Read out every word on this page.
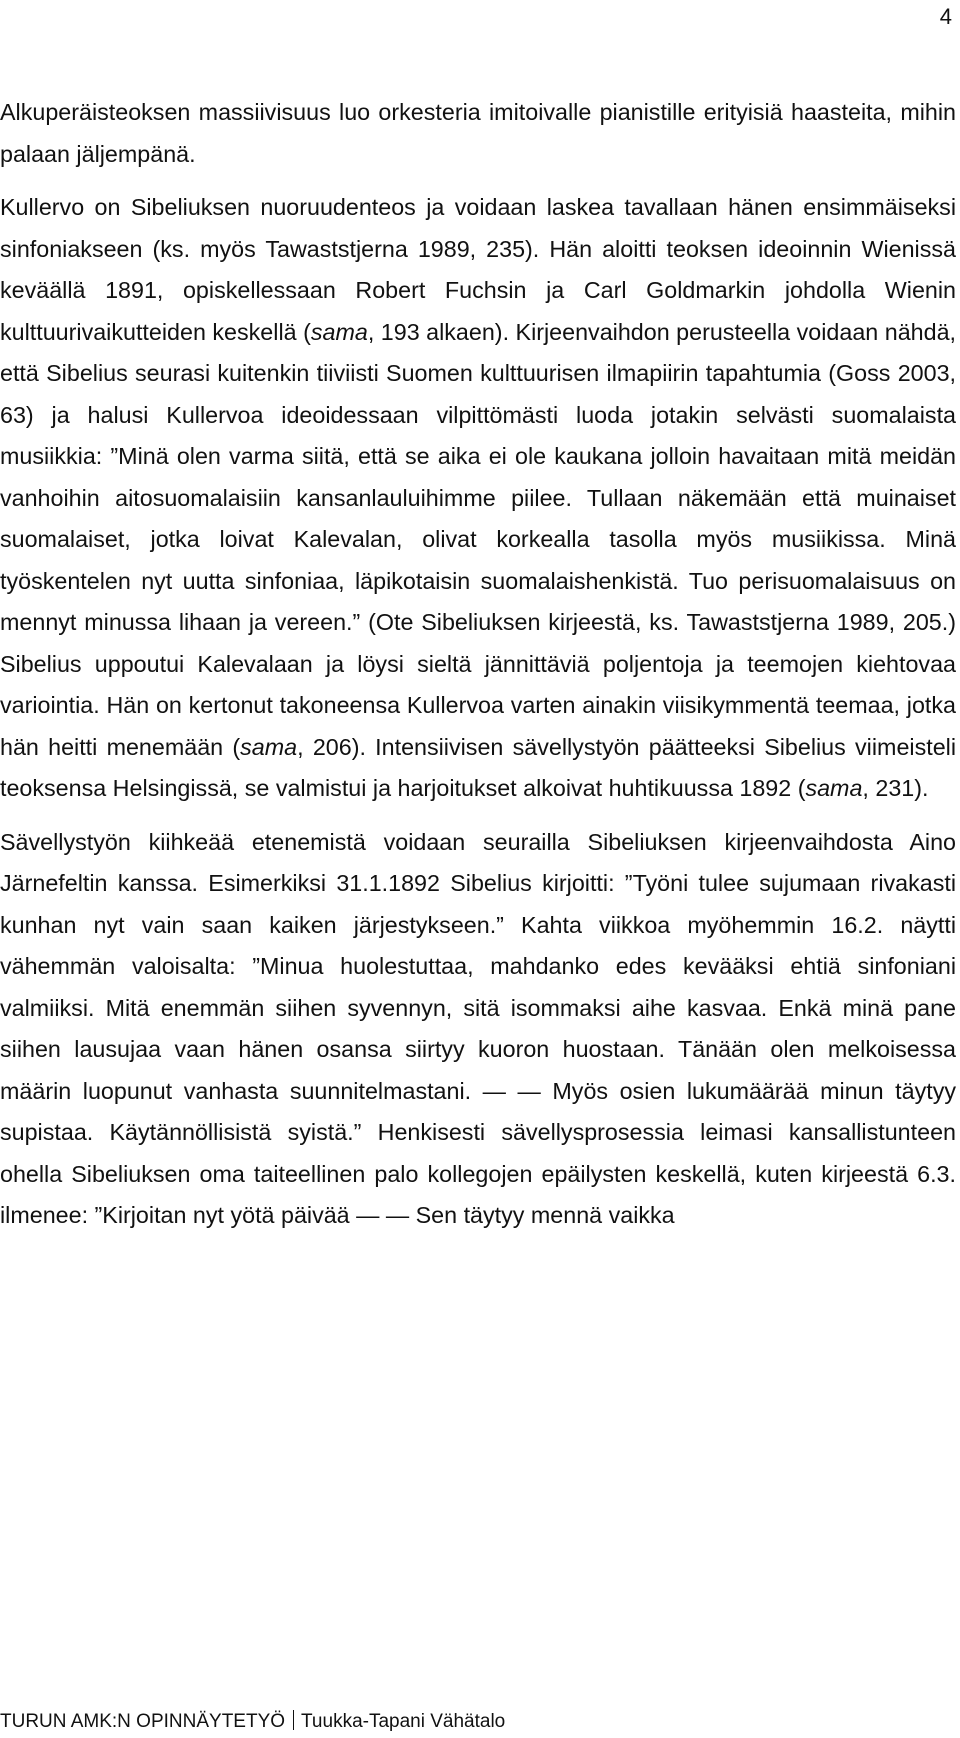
4

Alkuperäisteoksen massiivisuus luo orkesteria imitoivalle pianistille erityisiä haasteita, mihin palaan jäljempänä.

Kullervo on Sibeliuksen nuoruudenteos ja voidaan laskea tavallaan hänen ensimmäiseksi sinfoniakseen (ks. myös Tawaststjerna 1989, 235). Hän aloitti teoksen ideoinnin Wienissä keväällä 1891, opiskellessaan Robert Fuchsin ja Carl Goldmarkin johdolla Wienin kulttuurivaikutteiden keskellä (sama, 193 alkaen). Kirjeenvaihdon perusteella voidaan nähdä, että Sibelius seurasi kuitenkin tiiviisti Suomen kulttuurisen ilmapiirin tapahtumia (Goss 2003, 63) ja halusi Kullervoa ideoidessaan vilpittömästi luoda jotakin selvästi suomalaista musiikkia: ”Minä olen varma siitä, että se aika ei ole kaukana jolloin havaitaan mitä meidän vanhoihin aitosuomalaisiin kansanlauluihimme piilee. Tullaan näkemään että muinaiset suomalaiset, jotka loivat Kalevalan, olivat korkealla tasolla myös musiikissa. Minä työskentelen nyt uutta sinfoniaa, läpikotaisin suomalaishenkistä. Tuo perisuomalaisuus on mennyt minussa lihaan ja vereen.” (Ote Sibeliuksen kirjeestä, ks. Tawaststjerna 1989, 205.) Sibelius uppoutui Kalevalaan ja löysi sieltä jännittäviä poljentoja ja teemojen kiehtovaa variointia. Hän on kertonut takoneensa Kullervoa varten ainakin viisikymmentä teemaa, jotka hän heitti menemään (sama, 206). Intensiivisen sävellystyön päätteeksi Sibelius viimeisteli teoksensa Helsingissä, se valmistui ja harjoitukset alkoivat huhtikuussa 1892 (sama, 231).

Sävellystyön kiihkeää etenemistä voidaan seurailla Sibeliuksen kirjeenvaihdosta Aino Järnefeltin kanssa. Esimerkiksi 31.1.1892 Sibelius kirjoitti: ”Työni tulee sujumaan rivakasti kunhan nyt vain saan kaiken järjestykseen.” Kahta viikkoa myöhemmin 16.2. näytti vähemmän valoisalta: ”Minua huolestuttaa, mahdanko edes kevääksi ehtiä sinfoniani valmiiksi. Mitä enemmän siihen syvennyn, sitä isommaksi aihe kasvaa. Enkä minä pane siihen lausujaa vaan hänen osansa siirtyy kuoron huostaan. Tänään olen melkoisessa määrin luopunut vanhasta suunnitelmastani. — — Myös osien lukumäärää minun täytyy supistaa. Käytännöllisistä syistä.” Henkisesti sävellysprosessia leimasi kansallistunteen ohella Sibeliuksen oma taiteellinen palo kollegojen epäilysten keskellä, kuten kirjeestä 6.3. ilmenee: ”Kirjoitan nyt yötä päivää — — Sen täytyy mennä vaikka

TURUN AMK:N OPINNÄYTETYÖ Tuukka-Tapani Vähätalo
